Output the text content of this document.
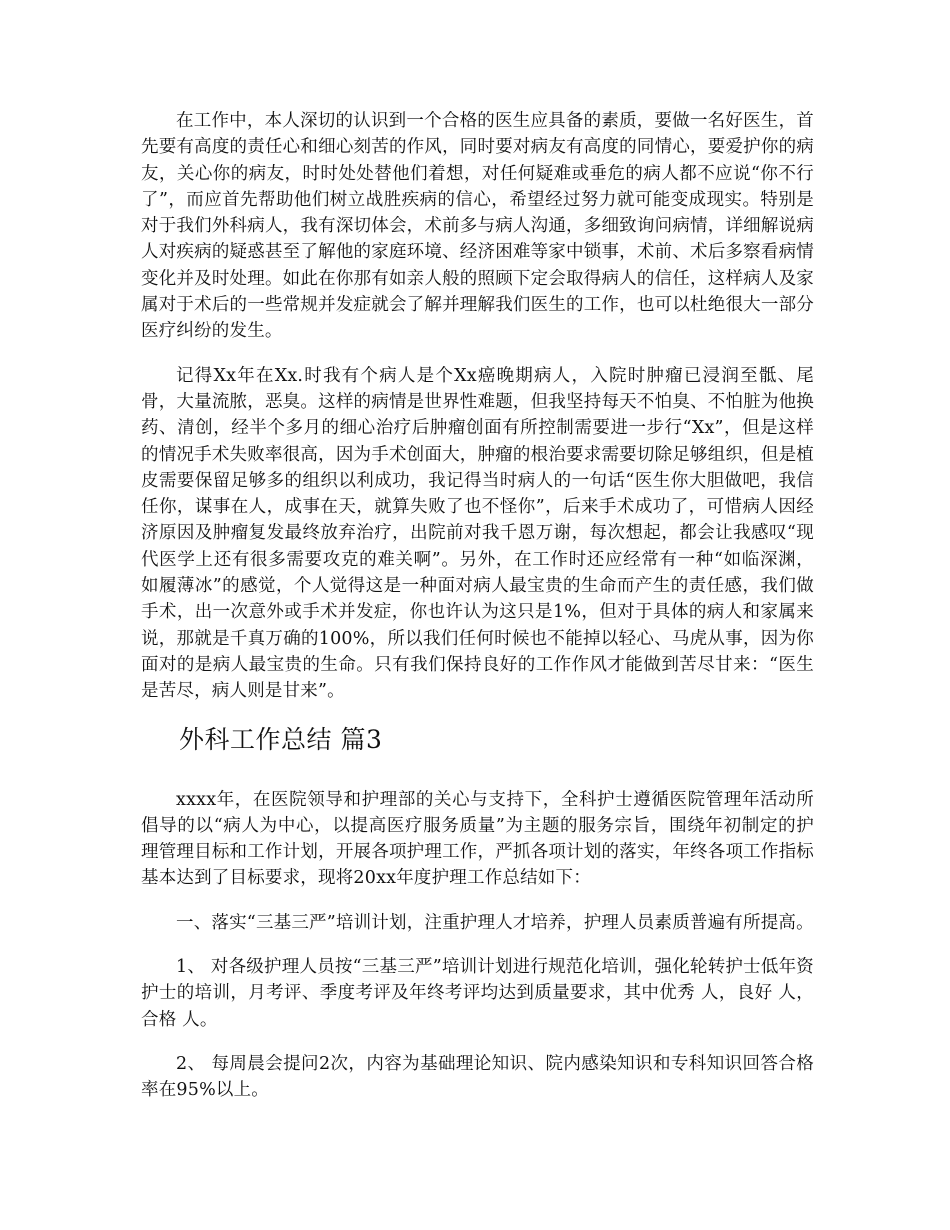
在工作中，本人深切的认识到一个合格的医生应具备的素质，要做一名好医生，首先要有高度的责任心和细心刻苦的作风，同时要对病友有高度的同情心，要爱护你的病友，关心你的病友，时时处处替他们着想，对任何疑难或垂危的病人都不应说“你不行了”，而应首先帮助他们树立战胜疾病的信心，希望经过努力就可能变成现实。特别是对于我们外科病人，我有深切体会，术前多与病人沟通，多细致询问病情，详细解说病人对疾病的疑惑甚至了解他的家庭环境、经济困难等家中锁事，术前、术后多察看病情变化并及时处理。如此在你那有如亲人般的照顾下定会取得病人的信任，这样病人及家属对于术后的一些常规并发症就会了解并理解我们医生的工作，也可以杜绝很大一部分医疗纠纷的发生。

记得Xx年在Xx.时我有个病人是个Xx癌晚期病人，入院时肿瘤已浸润至骶、尾骨，大量流脓，恶臭。这样的病情是世界性难题，但我坚持每天不怕臭、不怕脏为他换药、清创，经半个多月的细心治疗后肿瘤创面有所控制需要进一步行“Xx”，但是这样的情况手术失败率很高，因为手术创面大，肿瘤的根治要求需要切除足够组织，但是植皮需要保留足够多的组织以利成功，我记得当时病人的一句话“医生你大胆做吧，我信任你，谋事在人，成事在天，就算失败了也不怪你”，后来手术成功了，可惜病人因经济原因及肿瘤复发最终放弃治疗，出院前对我千恩万谢，每次想起，都会让我感叹“现代医学上还有很多需要攻克的难关啊”。另外，在工作时还应经常有一种“如临深渊，如履薄冰”的感觉，个人觉得这是一种面对病人最宝贵的生命而产生的责任感，我们做手术，出一次意外或手术并发症，你也许认为这只是1%，但对于具体的病人和家属来说，那就是千真万确的100%，所以我们任何时候也不能掉以轻心、马虎从事，因为你面对的是病人最宝贵的生命。只有我们保持良好的工作作风才能做到苦尽甘来：“医生是苦尽，病人则是甘来”。

外科工作总结 篇3

xxxx年，在医院领导和护理部的关心与支持下，全科护士遵循医院管理年活动所倡导的以“病人为中心，以提高医疗服务质量”为主题的服务宗旨，围绕年初制定的护理管理目标和工作计划，开展各项护理工作，严抓各项计划的落实，年终各项工作指标基本达到了目标要求，现将20xx年度护理工作总结如下：

一、落实“三基三严”培训计划，注重护理人才培养，护理人员素质普遍有所提高。

1、 对各级护理人员按“三基三严”培训计划进行规范化培训，强化轮转护士低年资护士的培训，月考评、季度考评及年终考评均达到质量要求，其中优秀 人，良好 人，合格 人。

2、 每周晨会提问2次，内容为基础理论知识、院内感染知识和专科知识回答合格率在95%以上。
